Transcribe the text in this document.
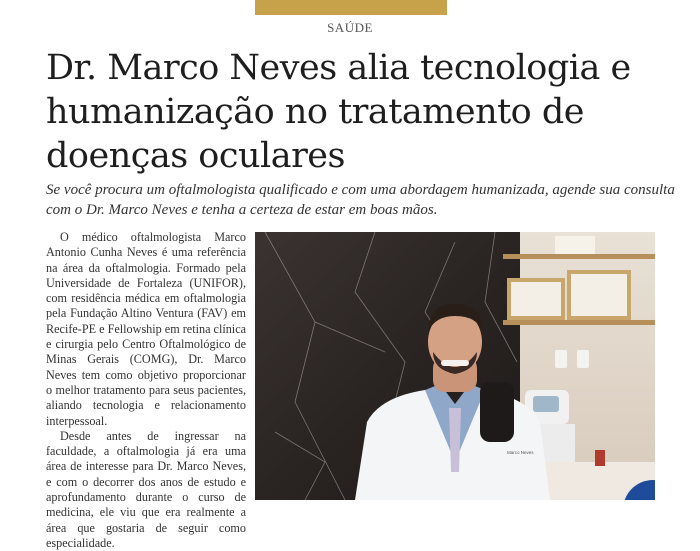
SAÚDE
Dr. Marco Neves alia tecnologia e humanização no tratamento de doenças oculares

Se você procura um oftalmologista qualificado e com uma abordagem humanizada, agende sua consulta com o Dr. Marco Neves e tenha a certeza de estar em boas mãos.

O médico oftalmologista Marco Antonio Cunha Neves é uma referência na área da oftalmologia. Formado pela Universidade de Fortaleza (UNIFOR), com residência médica em oftalmologia pela Fundação Altino Ventura (FAV) em Recife-PE e Fellowship em retina clínica e cirurgia pelo Centro Oftalmológico de Minas Gerais (COMG), Dr. Marco Neves tem como objetivo proporcionar o melhor tratamento para seus pacientes, aliando tecnologia e relacionamento interpessoal.

Desde antes de ingressar na faculdade, a oftalmologia já era uma área de interesse para Dr. Marco Neves, e com o decorrer dos anos de estudo e aprofundamento durante o curso de medicina, ele viu que era realmente a área que gostaria de seguir como especialidade.

Marco Neves
